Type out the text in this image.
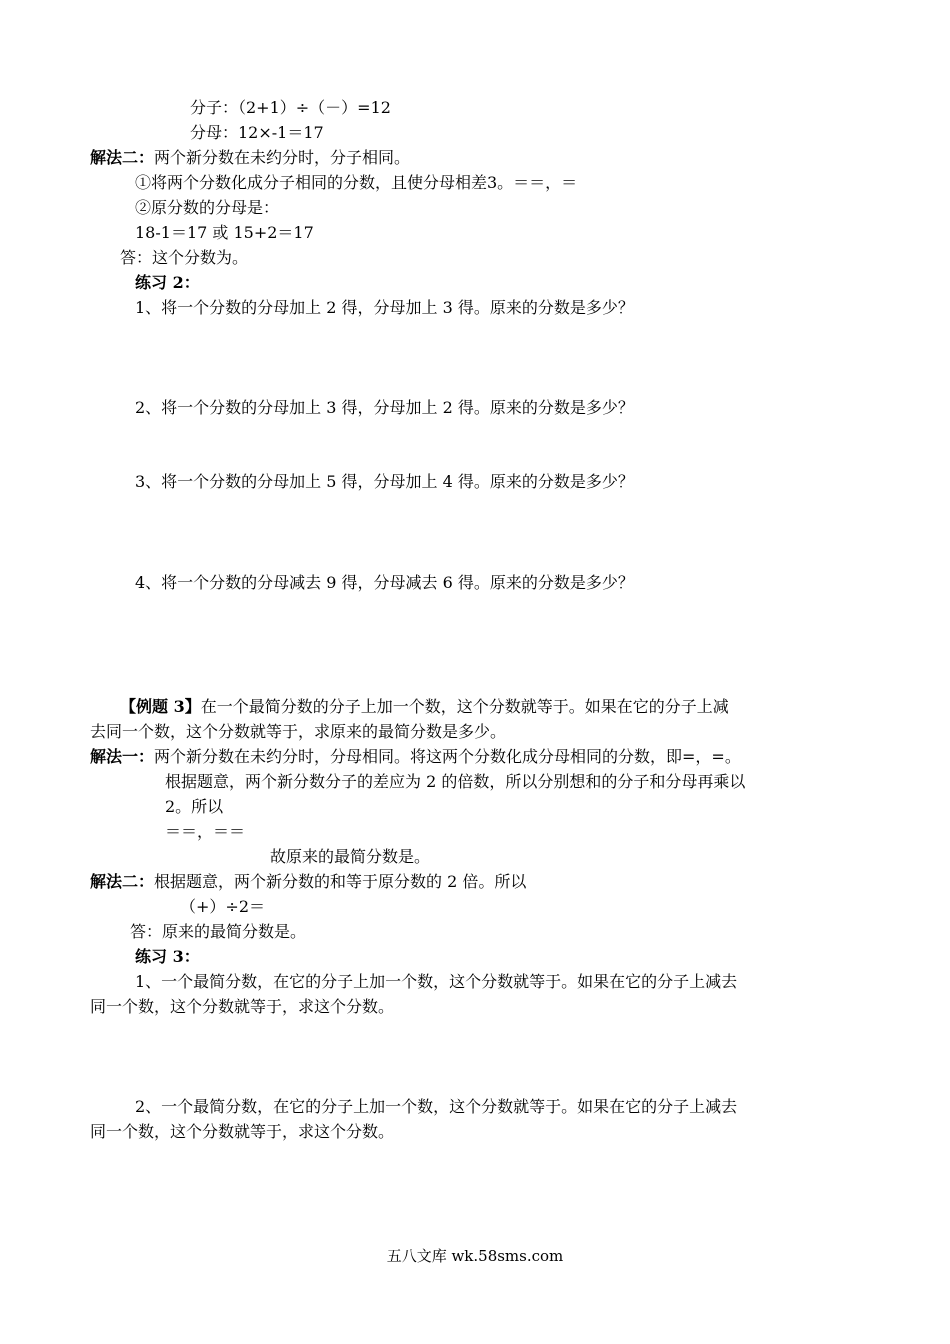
分子：（2+1）÷（－）=12
分母：12×-1＝17
解法二：两个新分数在未约分时，分子相同。
①将两个分数化成分子相同的分数，且使分母相差3。＝＝，＝
②原分数的分母是：
18-1＝17 或 15+2＝17
答：这个分数为。
练习 2：
1、将一个分数的分母加上 2 得，分母加上 3 得。原来的分数是多少？
2、将一个分数的分母加上 3 得，分母加上 2 得。原来的分数是多少？
3、将一个分数的分母加上 5 得，分母加上 4 得。原来的分数是多少？
4、将一个分数的分母减去 9 得，分母减去 6 得。原来的分数是多少？
【例题 3】在一个最简分数的分子上加一个数，这个分数就等于。如果在它的分子上减
去同一个数，这个分数就等于，求原来的最简分数是多少。
解法一：两个新分数在未约分时，分母相同。将这两个分数化成分母相同的分数，即=，=。
根据题意，两个新分数分子的差应为 2 的倍数，所以分别想和的分子和分母再乘以
2。所以
＝＝，＝＝
故原来的最简分数是。
解法二：根据题意，两个新分数的和等于原分数的 2 倍。所以
（+）÷2＝
答：原来的最简分数是。
练习 3：
1、一个最简分数，在它的分子上加一个数，这个分数就等于。如果在它的分子上减去
同一个数，这个分数就等于，求这个分数。
2、一个最简分数，在它的分子上加一个数，这个分数就等于。如果在它的分子上减去
同一个数，这个分数就等于，求这个分数。
五八文库 wk.58sms.com
